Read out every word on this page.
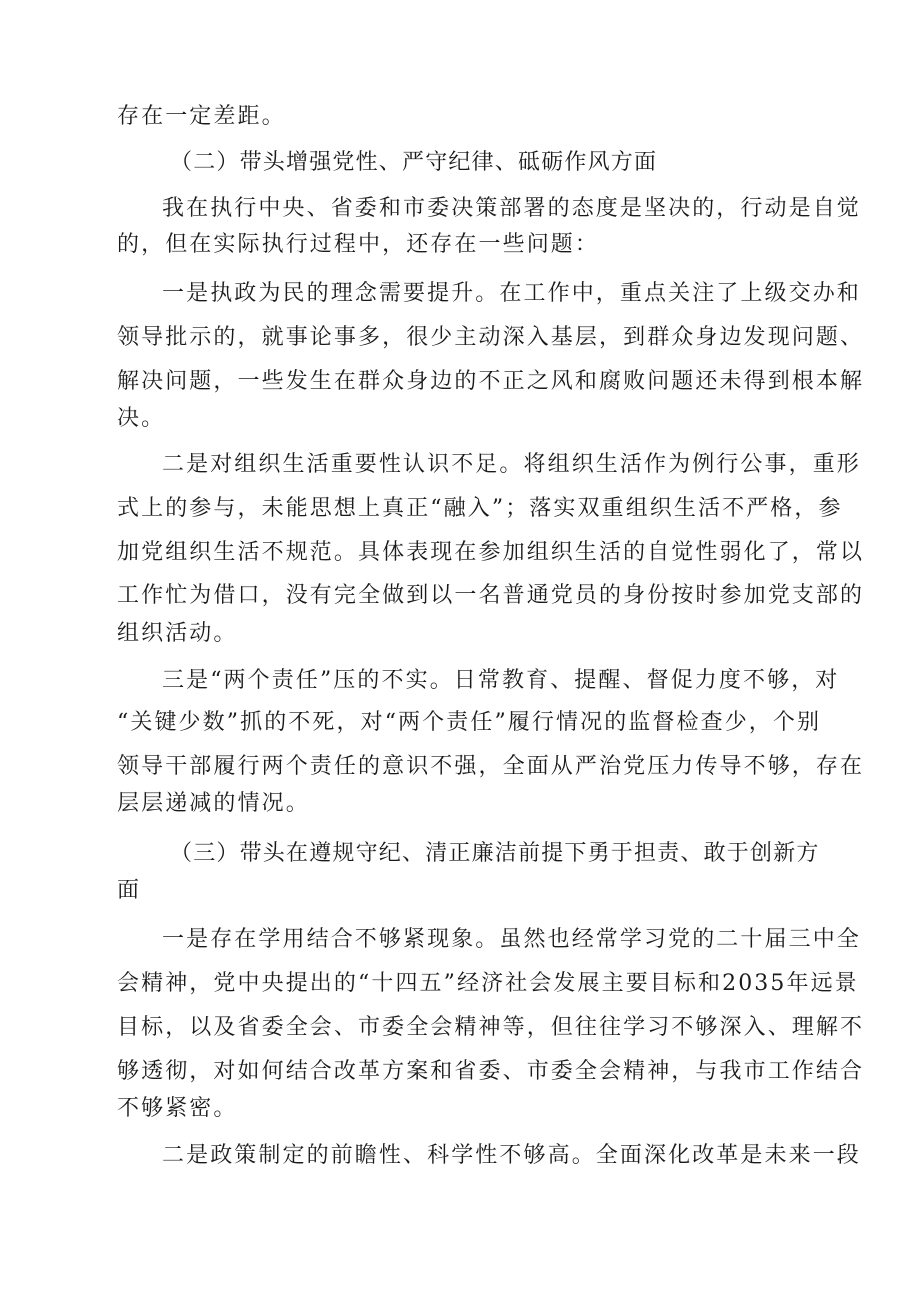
存在一定差距。
（二）带头增强党性、严守纪律、砥砺作风方面
我在执行中央、省委和市委决策部署的态度是坚决的，行动是自觉
的，但在实际执行过程中，还存在一些问题：
一是执政为民的理念需要提升。在工作中，重点关注了上级交办和
领导批示的，就事论事多，很少主动深入基层，到群众身边发现问题、
解决问题，一些发生在群众身边的不正之风和腐败问题还未得到根本解
决。
二是对组织生活重要性认识不足。将组织生活作为例行公事，重形
式上的参与，未能思想上真正“融入”；落实双重组织生活不严格，参
加党组织生活不规范。具体表现在参加组织生活的自觉性弱化了，常以
工作忙为借口，没有完全做到以一名普通党员的身份按时参加党支部的
组织活动。
三是“两个责任”压的不实。日常教育、提醒、督促力度不够，对
“关键少数”抓的不死，对“两个责任”履行情况的监督检查少，个别
领导干部履行两个责任的意识不强，全面从严治党压力传导不够，存在
层层递减的情况。
（三）带头在遵规守纪、清正廉洁前提下勇于担责、敢于创新方
面
一是存在学用结合不够紧现象。虽然也经常学习党的二十届三中全
会精神，党中央提出的“十四五”经济社会发展主要目标和2035年远景
目标，以及省委全会、市委全会精神等，但往往学习不够深入、理解不
够透彻，对如何结合改革方案和省委、市委全会精神，与我市工作结合
不够紧密。
二是政策制定的前瞻性、科学性不够高。全面深化改革是未来一段
